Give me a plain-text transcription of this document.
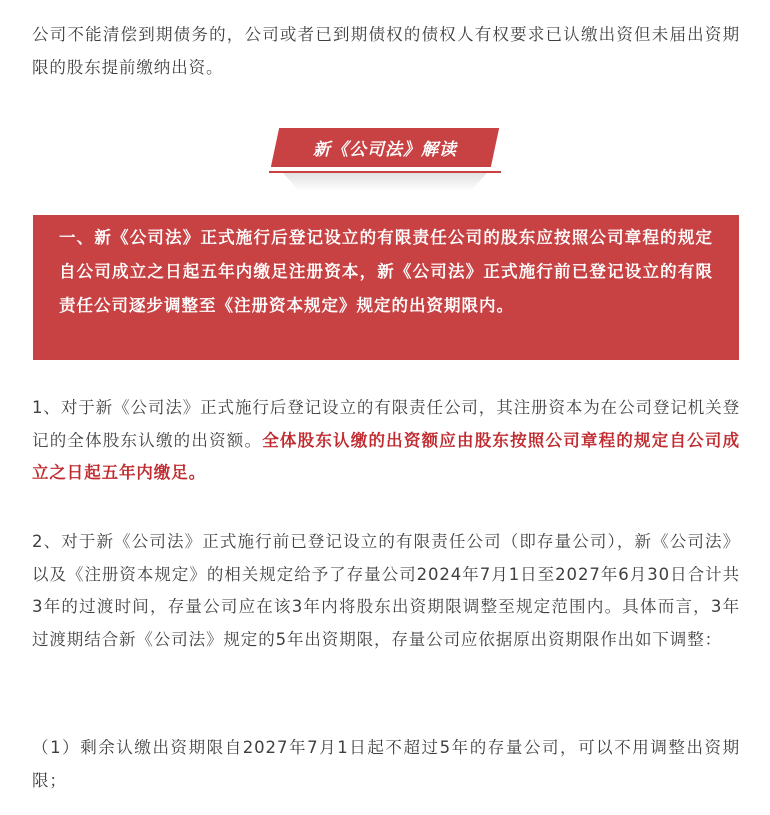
公司不能清偿到期债务的，公司或者已到期债权的债权人有权要求已认缴出资但未届出资期限的股东提前缴纳出资。

新《公司法》解读

一、新《公司法》正式施行后登记设立的有限责任公司的股东应按照公司章程的规定自公司成立之日起五年内缴足注册资本，新《公司法》正式施行前已登记设立的有限责任公司逐步调整至《注册资本规定》规定的出资期限内。

1、对于新《公司法》正式施行后登记设立的有限责任公司，其注册资本为在公司登记机关登记的全体股东认缴的出资额。全体股东认缴的出资额应由股东按照公司章程的规定自公司成立之日起五年内缴足。

2、对于新《公司法》正式施行前已登记设立的有限责任公司（即存量公司），新《公司法》以及《注册资本规定》的相关规定给予了存量公司2024年7月1日至2027年6月30日合计共3年的过渡时间，存量公司应在该3年内将股东出资期限调整至规定范围内。具体而言，3年过渡期结合新《公司法》规定的5年出资期限，存量公司应依据原出资期限作出如下调整：

（1）剩余认缴出资期限自2027年7月1日起不超过5年的存量公司，可以不用调整出资期限；
